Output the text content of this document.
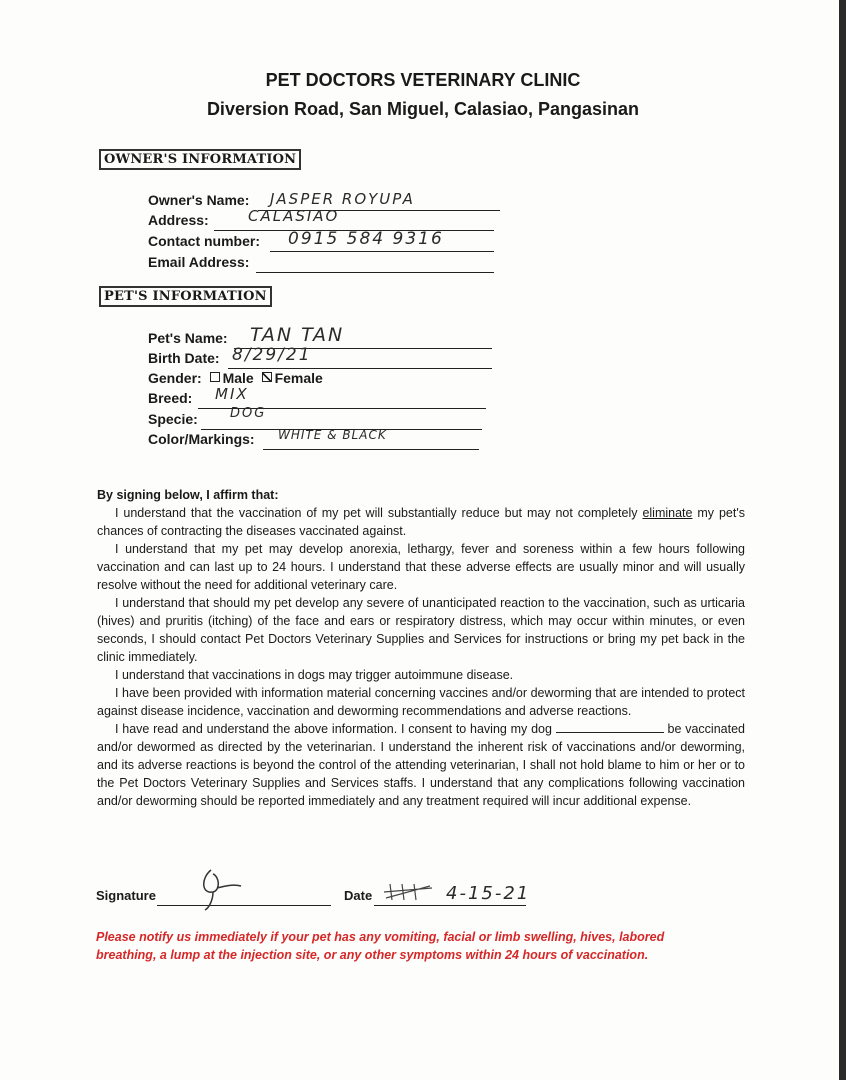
PET DOCTORS VETERINARY CLINIC
Diversion Road, San Miguel, Calasiao, Pangasinan
OWNER'S INFORMATION
Owner's Name: JASPER ROYUPA
Address:	CALASIAO
Contact number: 0915 584 9316
Email Address:
PET'S INFORMATION
Pet's Name: TAN TAN
Birth Date: 8/29/21
Gender: Male Female
Breed: MIX
Specie: DOG
Color/Markings: WHITE & BLACK
By signing below, I affirm that:

I understand that the vaccination of my pet will substantially reduce but may not completely eliminate my pet's chances of contracting the diseases vaccinated against.

I understand that my pet may develop anorexia, lethargy, fever and soreness within a few hours following vaccination and can last up to 24 hours. I understand that these adverse effects are usually minor and will usually resolve without the need for additional veterinary care.

I understand that should my pet develop any severe of unanticipated reaction to the vaccination, such as urticaria (hives) and pruritis (itching) of the face and ears or respiratory distress, which may occur within minutes, or even seconds, I should contact Pet Doctors Veterinary Supplies and Services for instructions or bring my pet back in the clinic immediately.

I understand that vaccinations in dogs may trigger autoimmune disease.

I have been provided with information material concerning vaccines and/or deworming that are intended to protect against disease incidence, vaccination and deworming recommendations and adverse reactions.

I have read and understand the above information. I consent to having my dog	be vaccinated and/or dewormed as directed by the veterinarian. I understand the inherent risk of vaccinations and/or deworming, and its adverse reactions is beyond the control of the attending veterinarian, I shall not hold blame to him or her or to the Pet Doctors Veterinary Supplies and Services staffs. I understand that any complications following vaccination and/or deworming should be reported immediately and any treatment required will incur additional expense.

Signature	Date	4-15-21
Please notify us immediately if your pet has any vomiting, facial or limb swelling, hives, labored breathing, a lump at the injection site, or any other symptoms within 24 hours of vaccination.
